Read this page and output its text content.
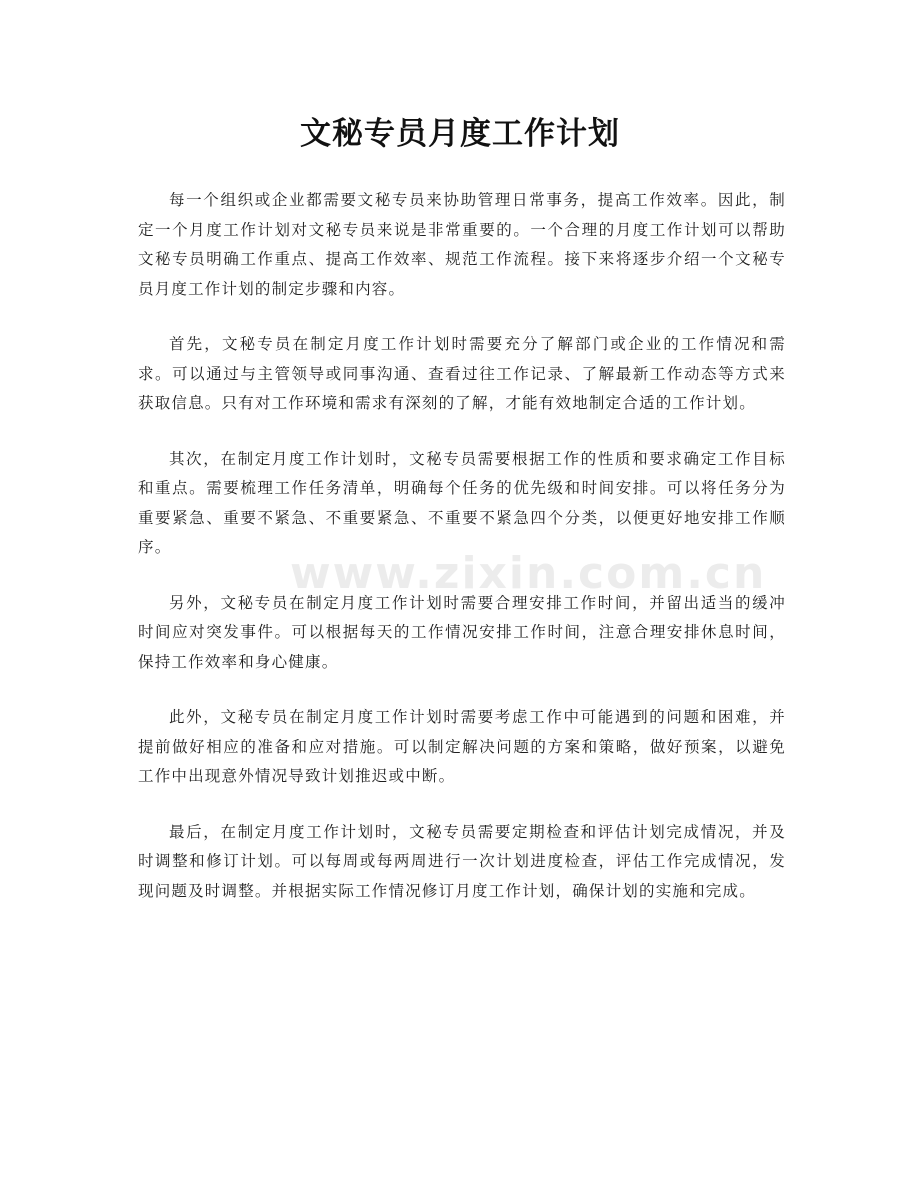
文秘专员月度工作计划

每一个组织或企业都需要文秘专员来协助管理日常事务，提高工作效率。因此，制定一个月度工作计划对文秘专员来说是非常重要的。一个合理的月度工作计划可以帮助文秘专员明确工作重点、提高工作效率、规范工作流程。接下来将逐步介绍一个文秘专员月度工作计划的制定步骤和内容。

首先，文秘专员在制定月度工作计划时需要充分了解部门或企业的工作情况和需求。可以通过与主管领导或同事沟通、查看过往工作记录、了解最新工作动态等方式来获取信息。只有对工作环境和需求有深刻的了解，才能有效地制定合适的工作计划。

其次，在制定月度工作计划时，文秘专员需要根据工作的性质和要求确定工作目标和重点。需要梳理工作任务清单，明确每个任务的优先级和时间安排。可以将任务分为重要紧急、重要不紧急、不重要紧急、不重要不紧急四个分类，以便更好地安排工作顺序。

另外，文秘专员在制定月度工作计划时需要合理安排工作时间，并留出适当的缓冲时间应对突发事件。可以根据每天的工作情况安排工作时间，注意合理安排休息时间，保持工作效率和身心健康。

此外，文秘专员在制定月度工作计划时需要考虑工作中可能遇到的问题和困难，并提前做好相应的准备和应对措施。可以制定解决问题的方案和策略，做好预案，以避免工作中出现意外情况导致计划推迟或中断。

最后，在制定月度工作计划时，文秘专员需要定期检查和评估计划完成情况，并及时调整和修订计划。可以每周或每两周进行一次计划进度检查，评估工作完成情况，发现问题及时调整。并根据实际工作情况修订月度工作计划，确保计划的实施和完成。

www.zixin.com.cn
